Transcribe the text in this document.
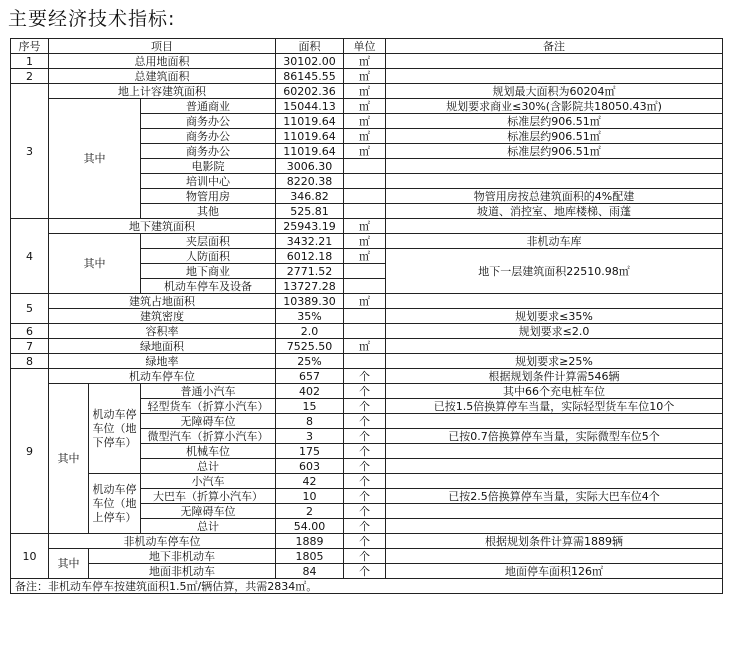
主要经济技术指标:
序号	项目			面积	单位	备注
1	总用地面积			30102.00	㎡	
2	总建筑面积			86145.55	㎡	
3	地上计容建筑面积			60202.36	㎡	规划最大面积为60204㎡
	其中		普通商业	15044.13	㎡	规划要求商业≤30%(含影院共18050.43㎡)
			商务办公	11019.64	㎡	标准层约906.51㎡
			商务办公	11019.64	㎡	标准层约906.51㎡
			商务办公	11019.64	㎡	标准层约906.51㎡
			电影院	3006.30		
			培训中心	8220.38		
			物管用房	346.82		物管用房按总建筑面积的4%配建
			其他	525.81		坡道、消控室、地库楼梯、雨蓬
4	地下建筑面积			25943.19	㎡	
	其中		夹层面积	3432.21	㎡	非机动车库
			人防面积	6012.18	㎡	地下一层建筑面积22510.98㎡
			地下商业	2771.52		
			机动车停车及设备	13727.28		
5	建筑占地面积			10389.30	㎡	
	建筑密度			35%		规划要求≤35%
6	容积率			2.0		规划要求≤2.0
7	绿地面积			7525.50	㎡	
8	绿地率			25%		规划要求≥25%
9	机动车停车位			657	个	根据规划条件计算需546辆
	其中	机动车停车位（地下停车）	普通小汽车	402	个	其中66个充电桩车位
			轻型货车（折算小汽车）	15	个	已按1.5倍换算停车当量，实际轻型货车车位10个
			无障碍车位	8	个	
			微型汽车（折算小汽车）	3	个	已按0.7倍换算停车当量，实际微型车位5个
			机械车位	175	个	
			总计	603	个	
		机动车停车位（地上停车）	小汽车	42	个	
			大巴车（折算小汽车）	10	个	已按2.5倍换算停车当量，实际大巴车位4个
			无障碍车位	2	个	
			总计	54.00	个	
10	非机动车停车位			1889	个	根据规划条件计算需1889辆
	其中	地下非机动车		1805	个	
		地面非机动车		84	个	地面停车面积126㎡
备注：非机动车停车按建筑面积1.5㎡/辆估算，共需2834㎡。						
